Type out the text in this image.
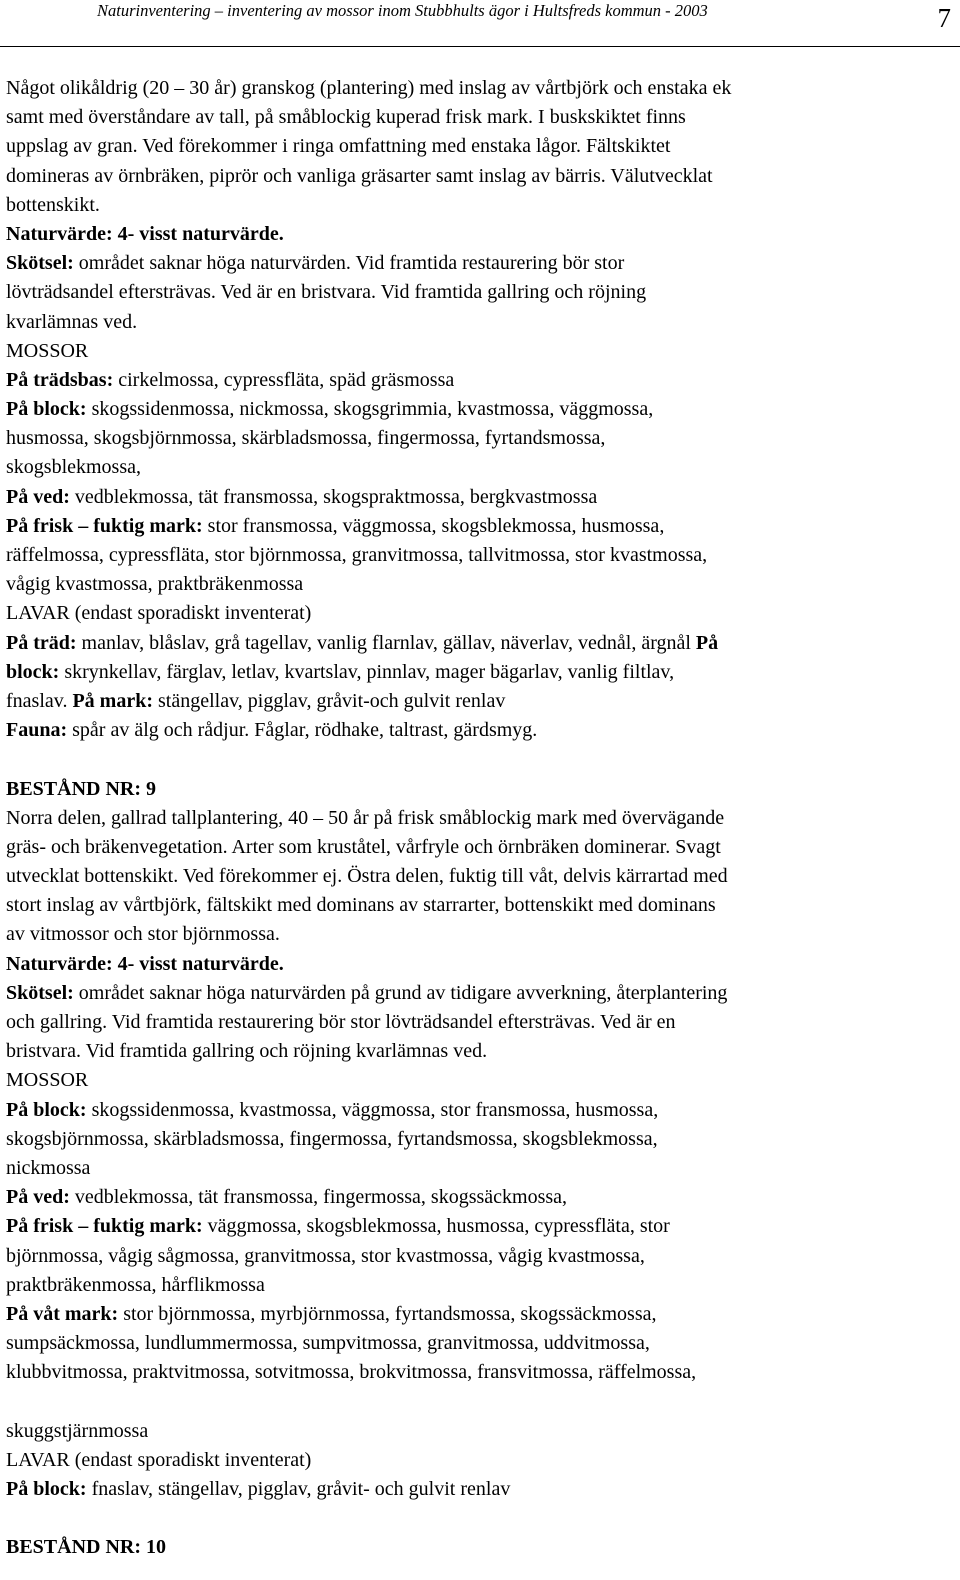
Naturinventering – inventering av mossor inom Stubbhults ägor i Hultsfreds kommun - 2003	7
Något olikåldrig (20 – 30 år) granskog (plantering) med inslag av vårtbjörk och enstaka ek
samt med överståndare av tall, på småblockig kuperad frisk mark. I buskskiktet finns
uppslag av gran. Ved förekommer i ringa omfattning med enstaka lågor. Fältskiktet
domineras av örnbräken, piprör och vanliga gräsarter samt inslag av bärris. Välutvecklat
bottenskikt.
Naturvärde: 4- visst naturvärde.
Skötsel: området saknar höga naturvärden. Vid framtida restaurering bör stor
lövträdsandel eftersträvas. Ved är en bristvara. Vid framtida gallring och röjning
kvarlämnas ved.
MOSSOR
På trädsbas: cirkelmossa, cypressfläta, späd gräsmossa
På block: skogssidenmossa, nickmossa, skogsgrimmia, kvastmossa, väggmossa,
husmossa, skogsbjörnmossa, skärbladsmossa, fingermossa, fyrtandsmossa,
skogsblekmossa,
På ved: vedblekmossa, tät fransmossa, skogspraktmossa, bergkvastmossa
På frisk – fuktig mark: stor fransmossa, väggmossa, skogsblekmossa, husmossa,
räffelmossa, cypressfläta, stor björnmossa, granvitmossa, tallvitmossa, stor kvastmossa,
vågig kvastmossa, praktbräkenmossa
LAVAR (endast sporadiskt inventerat)
På träd: manlav, blåslav, grå tagellav, vanlig flarnlav, gällav, näverlav, vednål, ärgnål På
block: skrynkellav, färglav, letlav, kvartslav, pinnlav, mager bägarlav, vanlig filtlav,
fnaslav. På mark: stängellav, pigglav, gråvit-och gulvit renlav
Fauna: spår av älg och rådjur. Fåglar, rödhake, taltrast, gärdsmyg.
BESTÅND NR: 9
Norra delen, gallrad tallplantering, 40 – 50 år på frisk småblockig mark med övervägande
gräs- och bräkenvegetation. Arter som kruståtel, vårfryle och örnbräken dominerar. Svagt
utvecklat bottenskikt. Ved förekommer ej. Östra delen, fuktig till våt, delvis kärrartad med
stort inslag av vårtbjörk, fältskikt med dominans av starrarter, bottenskikt med dominans
av vitmossor och stor björnmossa.
Naturvärde: 4- visst naturvärde.
Skötsel: området saknar höga naturvärden på grund av tidigare avverkning, återplantering
och gallring. Vid framtida restaurering bör stor lövträdsandel eftersträvas. Ved är en
bristvara. Vid framtida gallring och röjning kvarlämnas ved.
MOSSOR
På block: skogssidenmossa, kvastmossa, väggmossa, stor fransmossa, husmossa,
skogsbjörnmossa, skärbladsmossa, fingermossa, fyrtandsmossa, skogsblekmossa,
nickmossa
På ved: vedblekmossa, tät fransmossa, fingermossa, skogssäckmossa,
På frisk – fuktig mark: väggmossa, skogsblekmossa, husmossa, cypressfläta, stor
björnmossa, vågig sågmossa, granvitmossa, stor kvastmossa, vågig kvastmossa,
praktbräkenmossa, hårflikmossa
På våt mark: stor björnmossa, myrbjörnmossa, fyrtandsmossa, skogssäckmossa,
sumpsäckmossa, lundlummermossa, sumpvitmossa, granvitmossa, uddvitmossa,
klubbvitmossa, praktvitmossa, sotvitmossa, brokvitmossa, fransvitmossa, räffelmossa,
skuggstjärnmossa
LAVAR (endast sporadiskt inventerat)
På block: fnaslav, stängellav, pigglav, gråvit- och gulvit renlav
BESTÅND NR: 10
